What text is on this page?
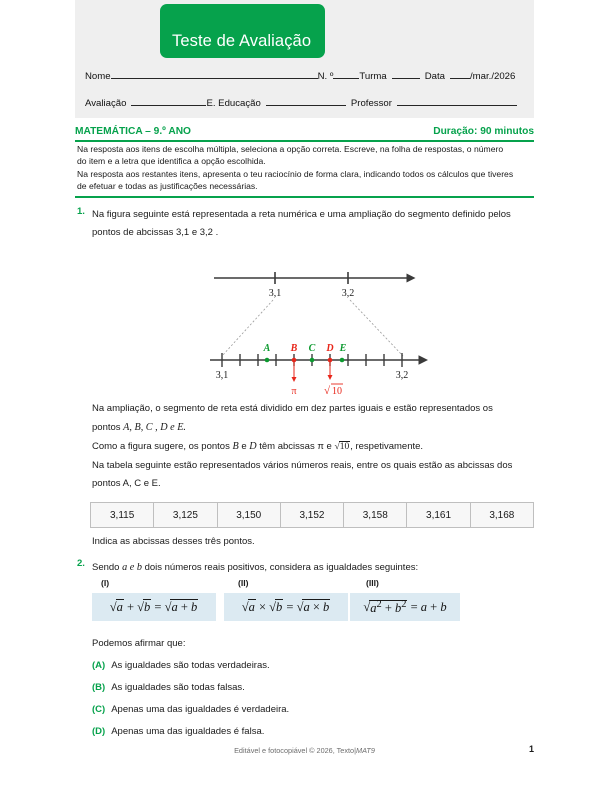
Teste de Avaliação
Nome	N. º	Turma	Data	/mar./2026
Avaliação	E. Educação	Professor
MATEMÁTICA – 9.º ANO	Duração: 90 minutos

Na resposta aos itens de escolha múltipla, seleciona a opção correta. Escreve, na folha de respostas, o número

do item e a letra que identifica a opção escolhida.

Na resposta aos restantes itens, apresenta o teu raciocínio de forma clara, indicando todos os cálculos que tiveres

de efetuar e todas as justificações necessárias.

1. Na figura seguinte está representada a reta numérica e uma ampliação do segmento definido pelos
pontos de abcissas 3,1 e 3,2 .
3,1	3,2
3,1	3,2
A B C D E
π √ 10
Na ampliação, o segmento de reta está dividido em dez partes iguais e estão representados os
pontos A, B, C , D e E.
Como a figura sugere, os pontos B e D têm abcissas π e √10, respetivamente.
Na tabela seguinte estão representados vários números reais, entre os quais estão as abcissas dos
pontos A, C e E.
3,115	3,125	3,150	3,152	3,158	3,161	3,168
Indica as abcissas desses três pontos.
2. Sendo a e b dois números reais positivos, considera as igualdades seguintes:
(I)	(II)	(III)
√a + √b = √a + b	√a × √b = √a × b	$√a^2 + b^2 = a + b$
Podemos afirmar que:
(A) As igualdades são todas verdadeiras.
(B) As igualdades são todas falsas.
(C) Apenas uma das igualdades é verdadeira.
(D) Apenas uma das igualdades é falsa.
Editável e fotocopiável © 2026, Texto|MAT9	1
